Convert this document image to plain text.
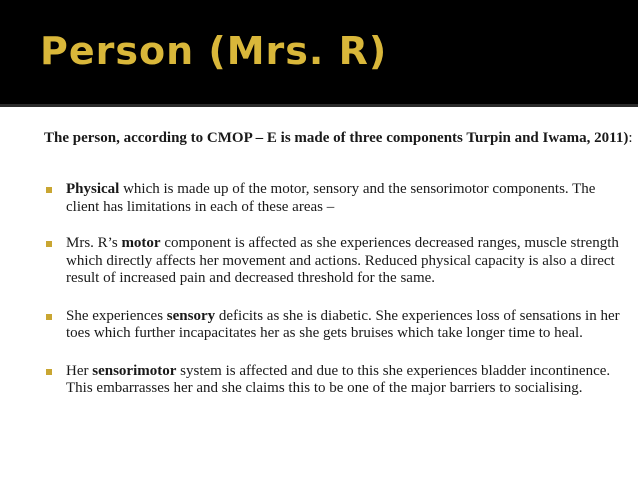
Person (Mrs. R)
The person, according to CMOP – E is made of three components Turpin and Iwama, 2011):
Physical which is made up of the motor, sensory and the sensorimotor components. The client has limitations in each of these areas –
Mrs. R’s motor component is affected as she experiences decreased ranges, muscle strength which directly affects her movement and actions. Reduced physical capacity is also a direct result of increased pain and decreased threshold for the same.
She experiences sensory deficits as she is diabetic. She experiences loss of sensations in her toes which further incapacitates her as she gets bruises which take longer time to heal.
Her sensorimotor system is affected and due to this she experiences bladder incontinence. This embarrasses her and she claims this to be one of the major barriers to socialising.
